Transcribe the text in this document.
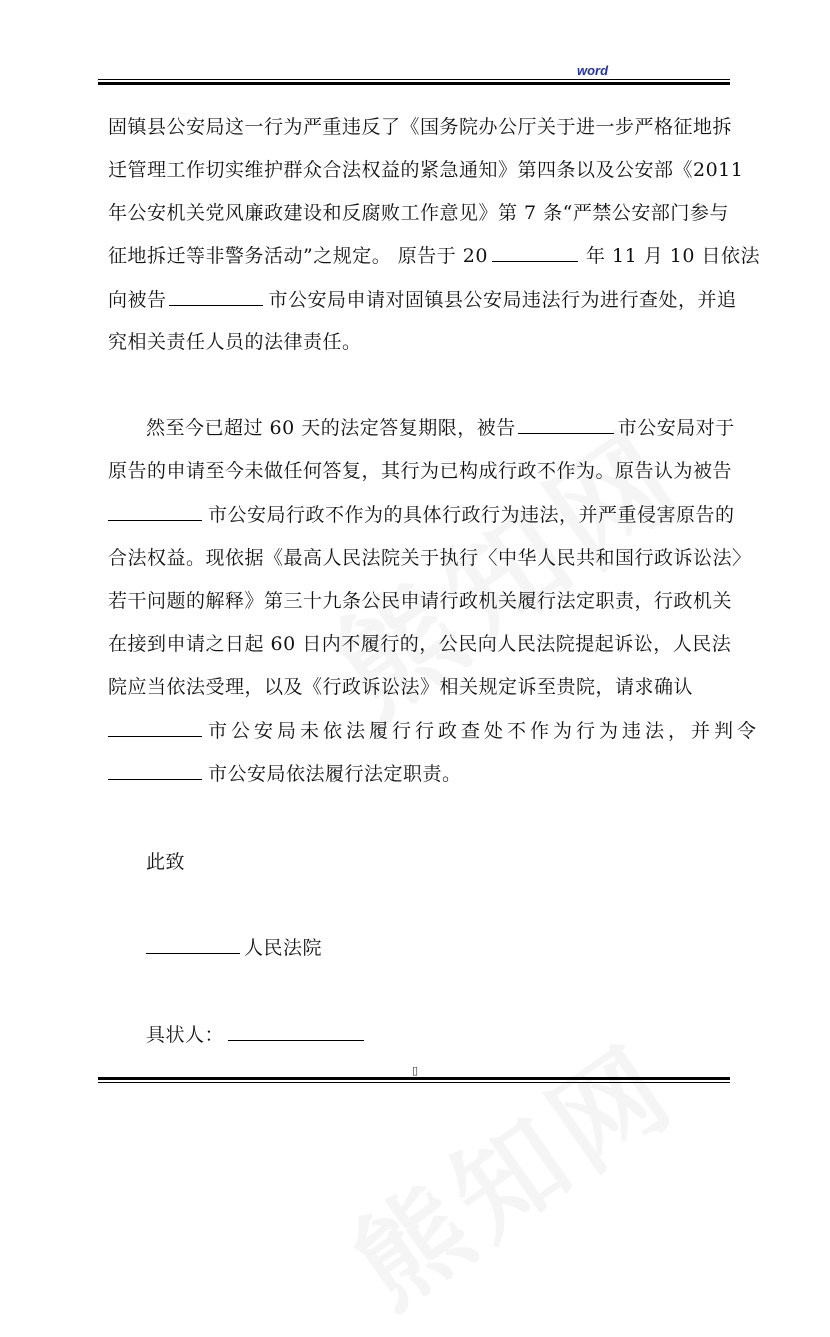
word
固镇县公安局这一行为严重违反了《国务院办公厅关于进一步严格征地拆
迁管理工作切实维护群众合法权益的紧急通知》第四条以及公安部《2011
年公安机关党风廉政建设和反腐败工作意见》第 7 条“严禁公安部门参与
征地拆迁等非警务活动”之规定。 原告于 20	年 11 月 10 日依法
向被告	市公安局申请对固镇县公安局违法行为进行查处，并追
究相关责任人员的法律责任。
然至今已超过 60 天的法定答复期限，被告	市公安局对于
原告的申请至今未做任何答复，其行为已构成行政不作为。原告认为被告
市公安局行政不作为的具体行政行为违法，并严重侵害原告的
合法权益。现依据《最高人民法院关于执行〈中华人民共和国行政诉讼法〉
若干问题的解释》第三十九条公民申请行政机关履行法定职责，行政机关
在接到申请之日起 60 日内不履行的，公民向人民法院提起诉讼，人民法
院应当依法受理，以及《行政诉讼法》相关规定诉至贵院，请求确认
市公安局未依法履行行政查处不作为行为违法，并判令
市公安局依法履行法定职责。
此致
人民法院
具状人：
▯
